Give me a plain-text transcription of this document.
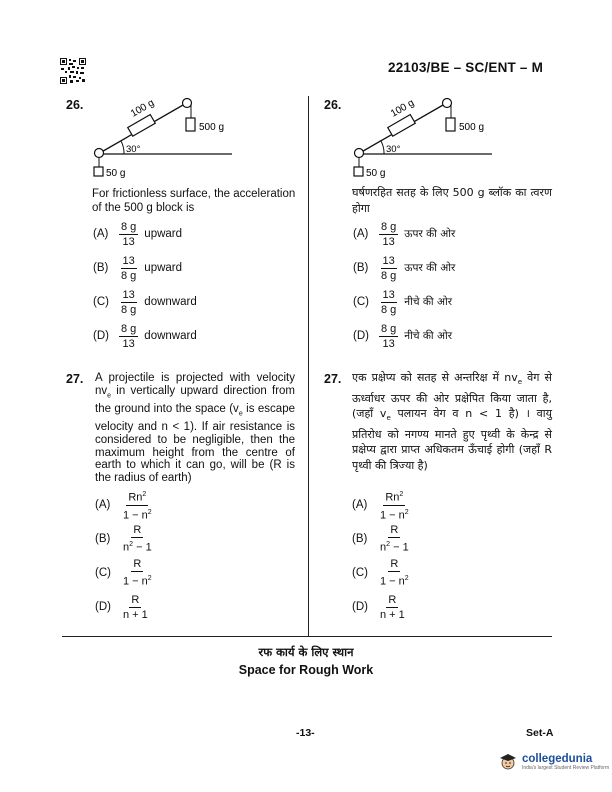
22103/BE – SC/ENT – M
26.	100 g
500 g
30°
50 g
For frictionless surface, the acceleration of the 500 g block is
$(A) \frac{8 g}{13}$ upward
$(B) \frac{13}{8 g}$ upward
$(C) \frac{13}{8 g}$ downward
$(D) \frac{8 g}{13}$ downward
26.	100 g
500 g
30°
50 g
घर्षणरहित सतह के लिए 500 g ब्लॉक का त्वरण होगा
$(A) \frac{8 g}{13}$ ऊपर की ओर
$(B) \frac{13}{8 g}$ ऊपर की ओर
$(C) \frac{13}{8 g}$ नीचे की ओर
$(D) \frac{8 g}{13}$ नीचे की ओर
27. A projectile is projected with velocity $nv_e$ in vertically upward direction from the ground into the space ($v_e$ is escape velocity and n < 1). If air resistance is considered to be negligible, then the maximum height from the centre of earth to which it can go, will be (R is the radius of earth)
$(A) \frac{Rn^2}{1 - n^2}$
$(B) \frac{R}{n^2 - 1}$
$(C) \frac{R}{1 - n^2}$
$(D) \frac{R}{n + 1}$
27. एक प्रक्षेप्य को सतह से अन्तरिक्ष में $nv_e$ वेग से ऊर्ध्वाधर ऊपर की ओर प्रक्षेपित किया जाता है, (जहाँ $v_e$ पलायन वेग व n < 1 है) । वायु प्रतिरोध को नगण्य मानते हुए पृथ्वी के केन्द्र से प्रक्षेप्य द्वारा प्राप्त अधिकतम ऊँचाई होगी (जहाँ R पृथ्वी की त्रिज्या है)
$(A) \frac{Rn^2}{1 - n^2}$
$(B) \frac{R}{n^2 - 1}$
$(C) \frac{R}{1 - n^2}$
$(D) \frac{R}{n + 1}$
रफ कार्य के लिए स्थान
Space for Rough Work
-13-	Set-A
collegedunia
India's largest Student Review Platform
